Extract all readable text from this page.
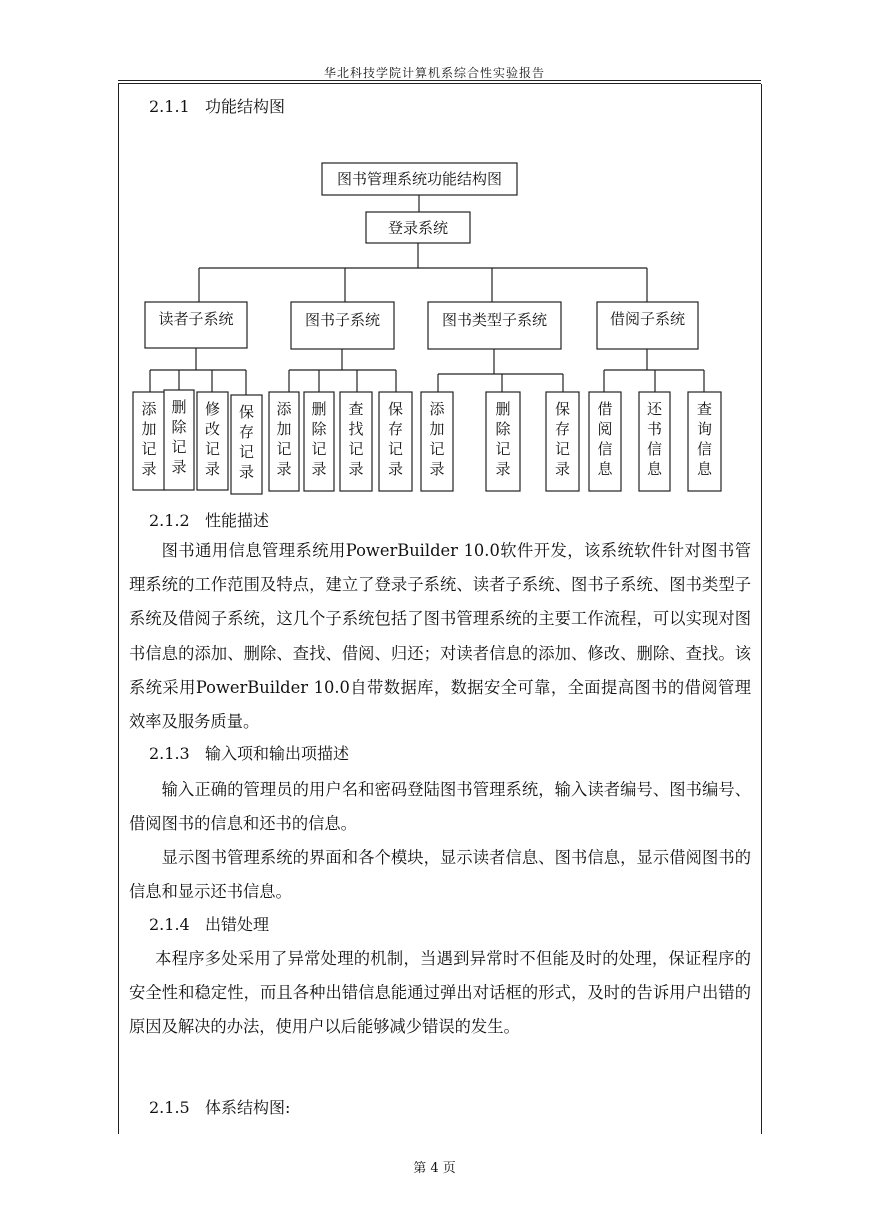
华北科技学院计算机系综合性实验报告
2.1.1 功能结构图
图书管理系统功能结构图
登录系统
读者子系统	图书子系统	图书类型子系统	借阅子系统
添
加
记
录
删
除
记
录
修
改
记
录
保
存
记
录
添
加
记
录
删
除
记
录
查
找
记
录
保
存
记
录
添
加
记
录
删
除
记
录
保
存
记
录
借
阅
信
息
还
书
信
息
查
询
信
息
2.1.2 性能描述

图书通用信息管理系统用PowerBuilder 10.0软件开发，该系统软件针对图书管理系统的工作范围及特点，建立了登录子系统、读者子系统、图书子系统、图书类型子系统及借阅子系统，这几个子系统包括了图书管理系统的主要工作流程，可以实现对图书信息的添加、删除、查找、借阅、归还；对读者信息的添加、修改、删除、查找。该系统采用PowerBuilder 10.0自带数据库，数据安全可靠，全面提高图书的借阅管理效率及服务质量。

2.1.3 输入项和输出项描述

输入正确的管理员的用户名和密码登陆图书管理系统，输入读者编号、图书编号、借阅图书的信息和还书的信息。

显示图书管理系统的界面和各个模块，显示读者信息、图书信息，显示借阅图书的信息和显示还书信息。

2.1.4 出错处理

本程序多处采用了异常处理的机制，当遇到异常时不但能及时的处理，保证程序的安全性和稳定性，而且各种出错信息能通过弹出对话框的形式，及时的告诉用户出错的原因及解决的办法，使用户以后能够减少错误的发生。

2.1.5 体系结构图:
第 4 页
